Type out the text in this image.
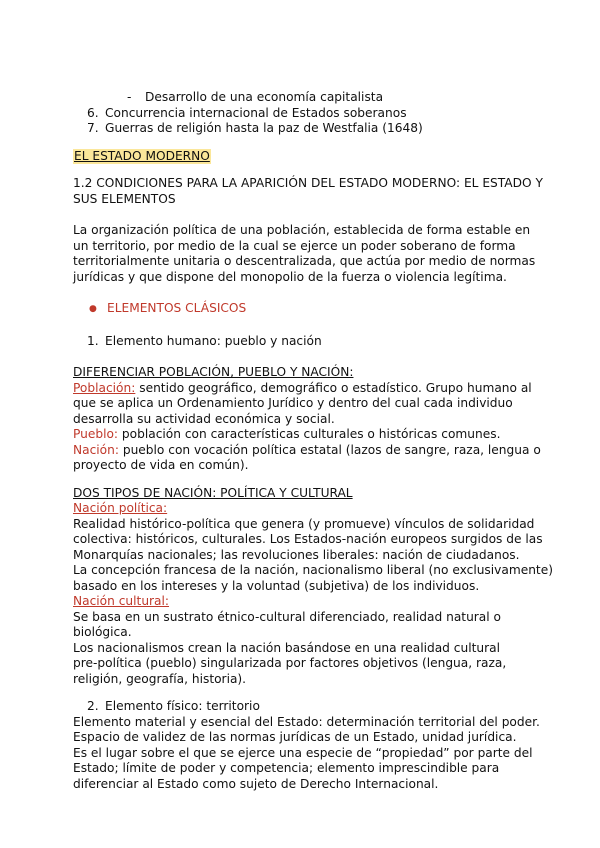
- Desarrollo de una economía capitalista
6. Concurrencia internacional de Estados soberanos
7. Guerras de religión hasta la paz de Westfalia (1648)
EL ESTADO MODERNO
1.2 CONDICIONES PARA LA APARICIÓN DEL ESTADO MODERNO: EL ESTADO Y
SUS ELEMENTOS
La organización política de una población, establecida de forma estable en
un territorio, por medio de la cual se ejerce un poder soberano de forma
territorialmente unitaria o descentralizada, que actúa por medio de normas
jurídicas y que dispone del monopolio de la fuerza o violencia legítima.
● ELEMENTOS CLÁSICOS
1. Elemento humano: pueblo y nación
DIFERENCIAR POBLACIÓN, PUEBLO Y NACIÓN:
Población: sentido geográfico, demográfico o estadístico. Grupo humano al
que se aplica un Ordenamiento Jurídico y dentro del cual cada individuo
desarrolla su actividad económica y social.
Pueblo: población con características culturales o históricas comunes.
Nación: pueblo con vocación política estatal (lazos de sangre, raza, lengua o
proyecto de vida en común).
DOS TIPOS DE NACIÓN: POLÍTICA Y CULTURAL
Nación política:
Realidad histórico-política que genera (y promueve) vínculos de solidaridad
colectiva: históricos, culturales. Los Estados-nación europeos surgidos de las
Monarquías nacionales; las revoluciones liberales: nación de ciudadanos.
La concepción francesa de la nación, nacionalismo liberal (no exclusivamente)
basado en los intereses y la voluntad (subjetiva) de los individuos.
Nación cultural:
Se basa en un sustrato étnico-cultural diferenciado, realidad natural o
biológica.
Los nacionalismos crean la nación basándose en una realidad cultural
pre-política (pueblo) singularizada por factores objetivos (lengua, raza,
religión, geografía, historia).
2. Elemento físico: territorio
Elemento material y esencial del Estado: determinación territorial del poder.
Espacio de validez de las normas jurídicas de un Estado, unidad jurídica.
Es el lugar sobre el que se ejerce una especie de “propiedad” por parte del
Estado; límite de poder y competencia; elemento imprescindible para
diferenciar al Estado como sujeto de Derecho Internacional.
